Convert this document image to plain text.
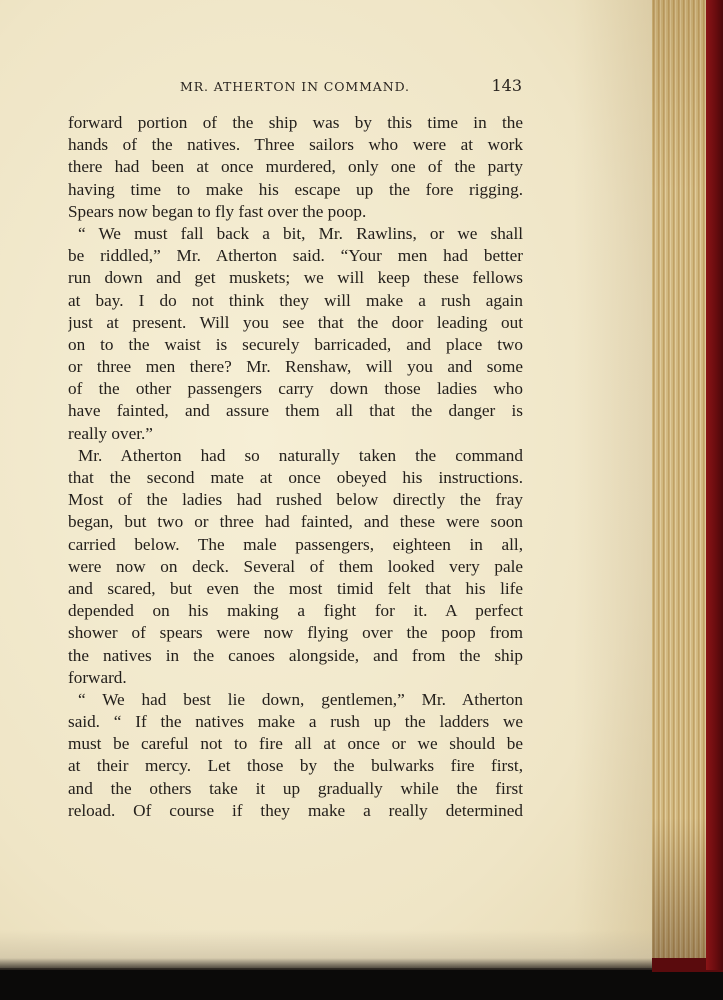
MR. ATHERTON IN COMMAND.	143
forward portion of the ship was by this time in the
hands of the natives. Three sailors who were at work
there had been at once murdered, only one of the party
having time to make his escape up the fore rigging.
Spears now began to fly fast over the poop.
“ We must fall back a bit, Mr. Rawlins, or we shall
be riddled,” Mr. Atherton said. “Your men had better
run down and get muskets; we will keep these fellows
at bay. I do not think they will make a rush again
just at present. Will you see that the door leading out
on to the waist is securely barricaded, and place two
or three men there? Mr. Renshaw, will you and some
of the other passengers carry down those ladies who
have fainted, and assure them all that the danger is
really over.”
Mr. Atherton had so naturally taken the command
that the second mate at once obeyed his instructions.
Most of the ladies had rushed below directly the fray
began, but two or three had fainted, and these were soon
carried below. The male passengers, eighteen in all,
were now on deck. Several of them looked very pale
and scared, but even the most timid felt that his life
depended on his making a fight for it. A perfect
shower of spears were now flying over the poop from
the natives in the canoes alongside, and from the ship
forward.
“ We had best lie down, gentlemen,” Mr. Atherton
said. “ If the natives make a rush up the ladders we
must be careful not to fire all at once or we should be
at their mercy. Let those by the bulwarks fire first,
and the others take it up gradually while the first
reload. Of course if they make a really determined
